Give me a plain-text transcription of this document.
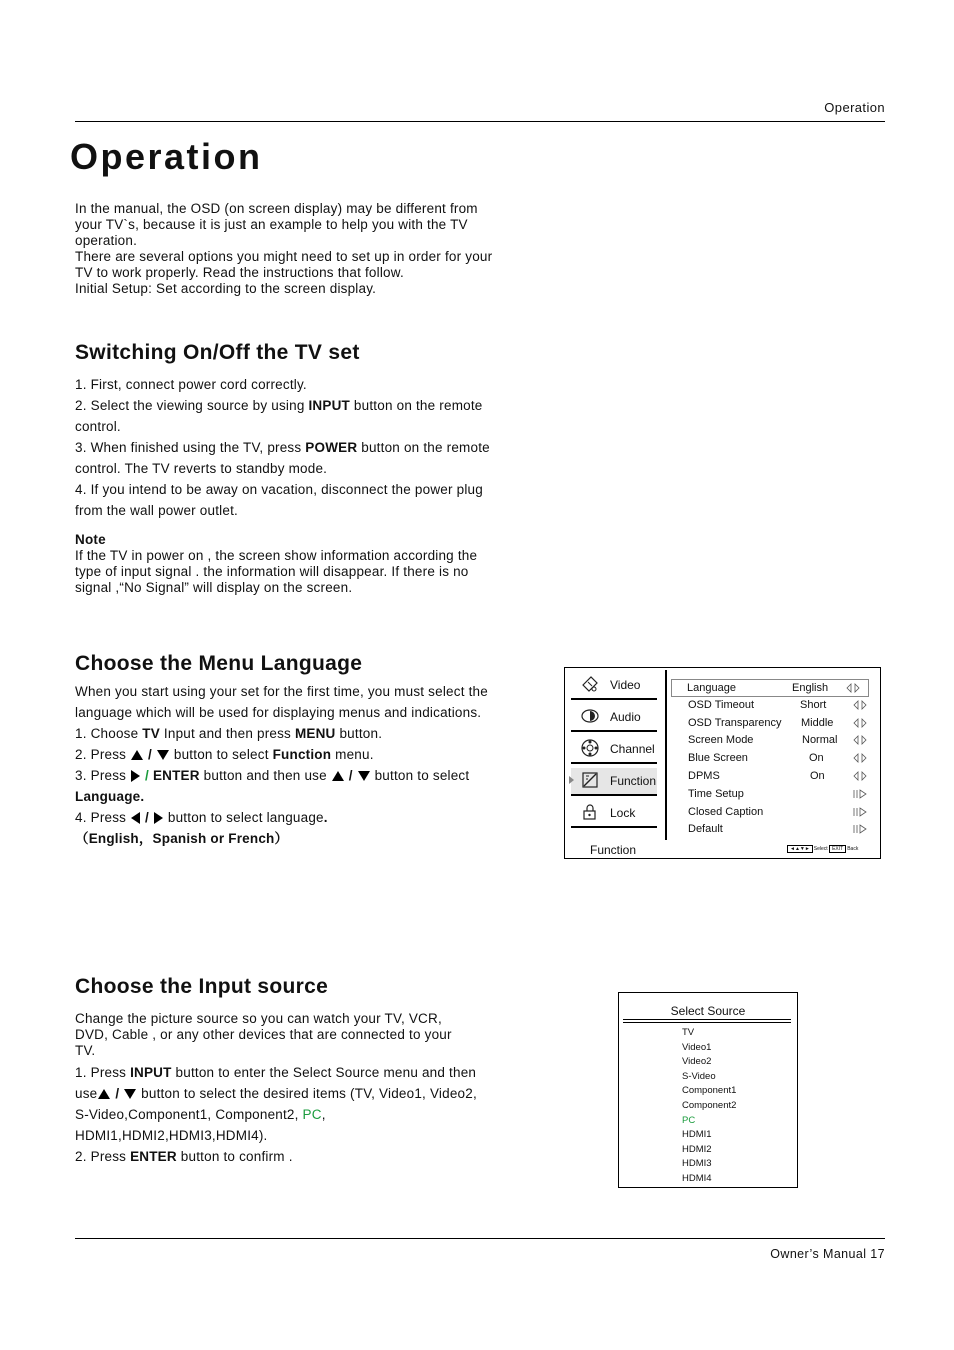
Operation
Operation

In the manual, the OSD (on screen display) may be different from your TV`s, because it is just an example to help you with the TV operation.

There are several options you might need to set up in order for your TV to work properly. Read the instructions that follow.

Initial Setup: Set according to the screen display.

Switching On/Off the TV set

1. First, connect power cord correctly.

2. Select the viewing source by using INPUT button on the remote control.

3. When finished using the TV, press POWER button on the remote control. The TV reverts to standby mode.

4. If you intend to be away on vacation, disconnect the power plug from the wall power outlet.

Note

If the TV in power on , the screen show information according the type of input signal . the information will disappear. If there is no signal ,“No Signal” will display on the screen.

Choose the Menu Language

When you start using your set for the first time, you must select the language which will be used for displaying menus and indications.

1. Choose TV Input and then press MENU button.

2. Press  /  button to select Function menu.

3. Press  / ENTER button and then use  /  button to select Language.

4. Press  /  button to select language.

（English，Spanish or French）

Video
Audio
Channel
Function
Lock
Language	English
OSD Timeout	Short
OSD Transparency Middle
Screen Mode	Normal
Blue Screen	On
DPMS	On
Time Setup
Closed Caption
Default
Function	◄▲▼► Select EXIT Back
Choose the Input source
Change the picture source so you can watch your TV, VCR, DVD, Cable , or any other devices that are connected to your TV.

1. Press INPUT button to enter the Select Source menu and then use /  button to select the desired items (TV, Video1, Video2, S-Video,Component1, Component2, PC, HDMI1,HDMI2,HDMI3,HDMI4).

2. Press ENTER button to confirm .

Select Source
TV
Video1
Video2
S-Video
Component1
Component2
PC
HDMI1
HDMI2
HDMI3
HDMI4
Owner’s Manual 17
